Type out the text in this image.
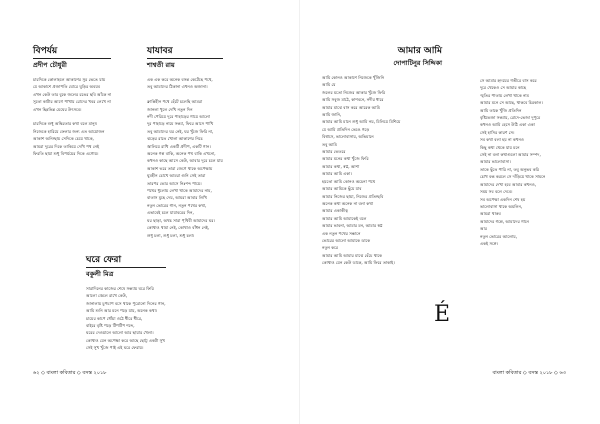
বিপর্যয়
প্রদীপ চৌধুরী
চারদিকে কোলাহলে আকাশের সুর ভেঙে যায়
যে আকাশে প্রজাপতি ঘোরে ঘুড়ির অবয়ব
এখন কেউ তার বুকে জলের রঙের ছবি আঁকে না
সুতো কাটার আগে পাখায় রোদের খবর লেখে না
এখন ছিন্নভিন্ন মেঘের উৎসবে।
চারদিকে শুধু অস্থিরতার কথা বলে মানুষ
নিজেকে হারিয়ে ফেলার জন্য এত আয়োজন
আকাশ অনিচ্ছায় সেদিকে চেয়ে থাকে,
আমরা দূরের দিকে তাকিয়ে দেখি পথ নেই
ফিরতি ছায়া শুধু বিপর্যয়ের দিকে এগোয়।
যাযাবর
শাশ্বতী রায়
এক এক করে অনেক বসন্ত কেটেছে পথে,
তবু আমাদের ঠিকানা এখনও অজানা।
ক্লান্তিহীন পথে হেঁটে চলেছি আমরা
জানলা খুলে দেখি নতুন দিন
নদী পেরিয়ে দূরে পাহাড়ের গায়ে আলো
দূর পাহাড়ে নামে সন্ধ্যা, ফিরে আসে পাখি
তবু আমাদের ঘর নেই, ঘর খুঁজে ফিরি না,
ঝড়ের রাতে খোলা আকাশের নিচে
জ্বালিয়ে রাখি একটি প্রদীপ, একটি গান।
অনেক গল্প বাকি, অনেক পথ বাকি এখনো,
কখনও কাছে আসে কেউ, আবার দূরে চলে যায়
আকাশ ভরে তারা জেগে থাকে অপেক্ষায়
ঘুমহীন চোখে আমরা গুনি সেই তারা
তারপর ভোর আসে নিঃশব্দ পায়ে।
পথের ধুলোয় লেখা থাকে আমাদের নাম,
বাতাস মুছে দেয়, আমরা আবার লিখি
নতুন ভোরের গান, নতুন পথের কথা,
এভাবেই চলে যাযাবরের দিন,
ঘর ছাড়া, অথচ সারা পৃথিবী আমাদের ঘর।
কোথাও থামা নেই, কোথাও বাঁধন নেই,
শুধু চলা, শুধু চলা, শুধু চলা।
ঘরে ফেরা
বকুলী মিত্র
সারাদিনের কাজের শেষে সন্ধ্যায় ঘরে ফিরি
আলো জ্বেলে রাখে কেউ,
জানালায় চুপচাপ বসে থাকে পুরোনো দিনের গান,
আমি শুনি আর মনে পড়ে যায়, অনেক কথা।
চায়ের কাপে ধোঁয়া ওঠে ধীরে ধীরে,
বাইরে বৃষ্টি পড়ে টিপটিপ শব্দে,
ঘরের দেওয়ালে আলো আর ছায়ার খেলা।
কোথাও যেন অপেক্ষা করে আছে ছোট্ট একটা সুখ
সেই সুখ খুঁজে পাই এই ঘরে ফেরায়।
আমার আমি
দোপাটিনুর সিদ্দিকা
আমি কোনও আকাশে নিজেকে খুঁজিনি
আমি যে
জলের মতো নিজের আকার খুঁজে ফিরি
আমি সবুজ মাঠে, কাশবনে, নদীর ধারে
আমার মাঝে বাস করে আরেক আমি
আমি জানি,
আমার আমি মানে শুধু আমি নয়, মিলিয়ে মিশিয়ে
যে আমি প্রতিদিন ভেঙে গড়ে
বিশ্বাসে, ভালোবাসায়, অভিমানে
তবু আমি
আমার ভেতরে
আমার মনের কথা খুঁজে ফিরি
আমার কথা, স্বপ্ন, আশা
আমার আমি একা।
হয়তো আমি কোনও অচেনা পথে
আমার আমিকে ছুঁয়ে যাব
আমার নিজের ছায়া, নিজের প্রতিচ্ছবি
অনেক কথা অনেক না বলা কথা
আমার একাকীত্ব
আমার আমি আমাকেই বলে
আমার ভাবনা, আমার মন, আমার স্বপ্ন
এক নতুন পথের সন্ধানে
ভোরের আলো আমাকে ডাকে
নতুন করে
আমার আমি আমার মাঝে বেঁচে থাকে
কোথাও যেন কেউ ডাকে, আমি ফিরে তাকাই।
সে আমার হৃদয়ের গভীরে বাস করে
দূরে থেকেও সে আমার কাছে
স্মৃতির পাতায় লেখা থাকে নাম
আমার মনে সে আছে, থাকবে চিরকাল।
আমি তাকে খুঁজি প্রতিদিন
বৃষ্টিভেজা সন্ধ্যায়, রোদে-ভেজা দুপুরে
কখনও আমি হেসে উঠি একা একা
সেই হাসির কারণ সে।
সব কথা বলা হয় না কখনও
কিছু কথা থেকে যায় মনে
সেই না বলা কথাগুলো আমার সম্পদ,
আমার ভালোবাসা।
তাকে ছুঁতে পারি না, তবু অনুভব করি
চোখ বন্ধ করলে সে দাঁড়িয়ে থাকে সামনে
আমাদের দেখা হবে আবার কখনও,
সময় সব বলে দেবে।
সব অপেক্ষা একদিন শেষ হয়
ভালোবাসা থাকে অমলিন,
আমরা থাকব
আমাদের গল্পে, আমাদের গানে
আর
নতুন ভোরের আলোয়,
একই সঙ্গে।
É
৬২ ◇ বাংলা কবিতার ◇ বসন্ত ২০১৮	বাংলা কবিতার ◇ বসন্ত ২০১৮ ◇ ৬৩
